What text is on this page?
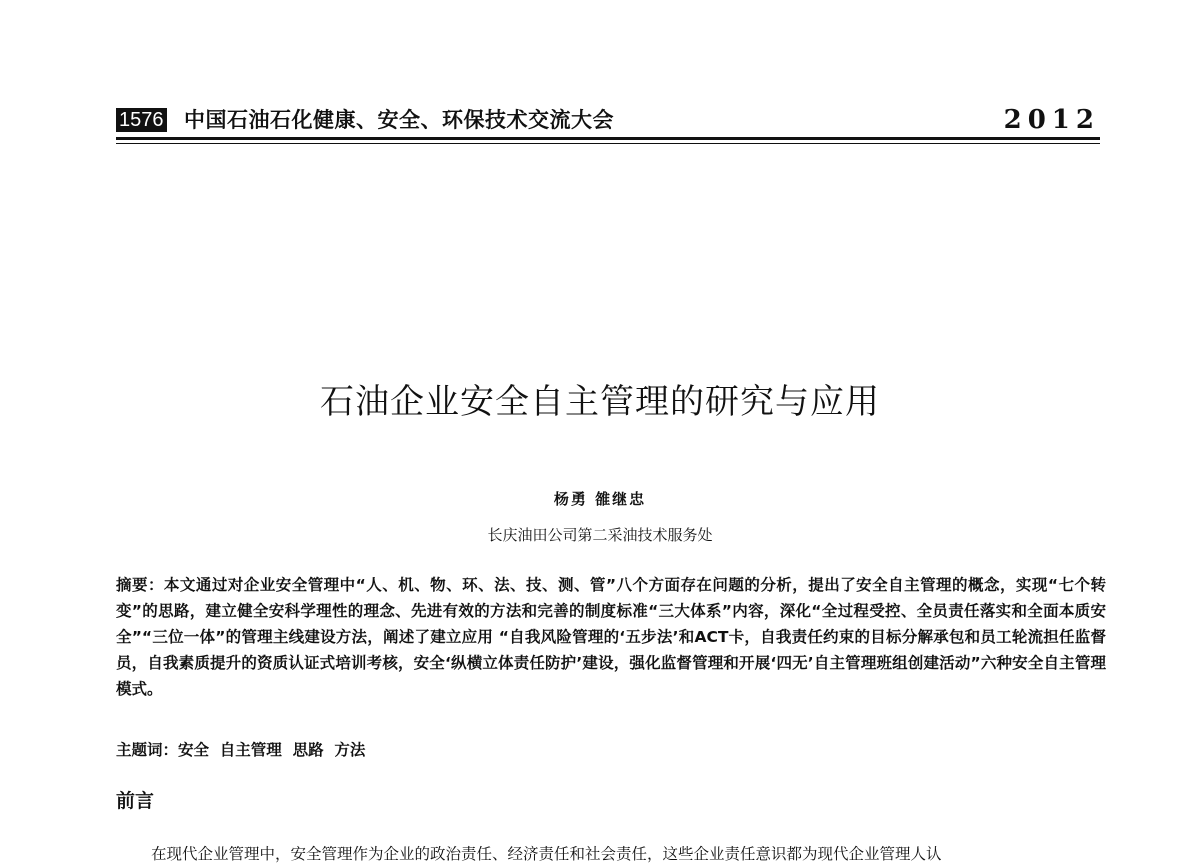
1576 中国石油石化健康、安全、环保技术交流大会	2012
石油企业安全自主管理的研究与应用
杨勇 雒继忠
长庆油田公司第二采油技术服务处
摘要：本文通过对企业安全管理中“人、机、物、环、法、技、测、管”八个方面存在问题的分析，提出了安全自主管理的概念，实现“七个转变”的思路，建立健全安科学理性的理念、先进有效的方法和完善的制度标准“三大体系”内容，深化“全过程受控、全员责任落实和全面本质安全”“三位一体”的管理主线建设方法，阐述了建立应用 “自我风险管理的‘五步法’和ACT卡，自我责任约束的目标分解承包和员工轮流担任监督员，自我素质提升的资质认证式培训考核，安全‘纵横立体责任防护’建设，强化监督管理和开展‘四无’自主管理班组创建活动”六种安全自主管理模式。
主题词：安全  自主管理  思路  方法
前言
在现代企业管理中，安全管理作为企业的政治责任、经济责任和社会责任，这些企业责任意识都为现代企业管理人认
